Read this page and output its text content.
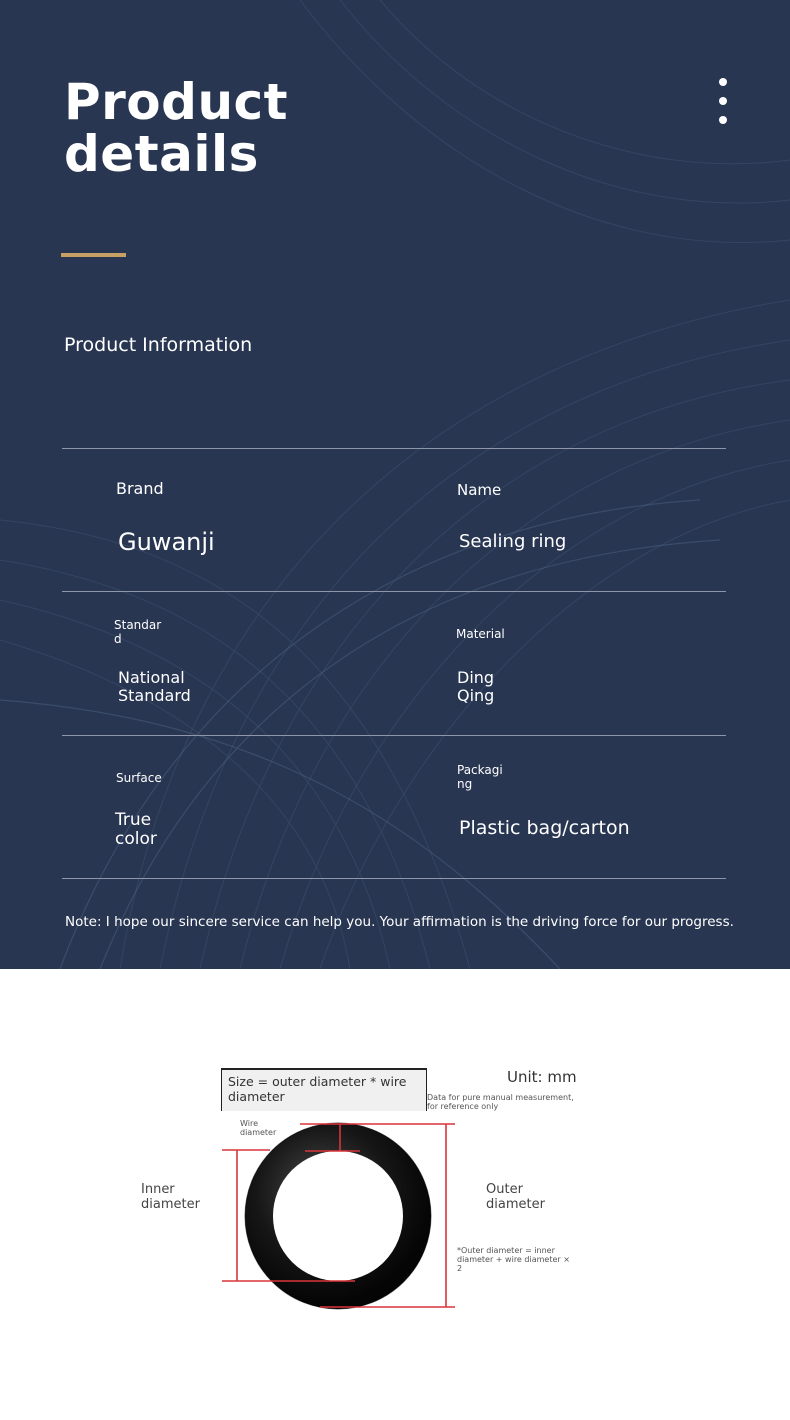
Product
details
Product Information
Brand
Guwanji
Name
Sealing ring
Standard
National Standard
Material
Ding Qing
Surface
True color
Packaging
Plastic bag/carton
Note: I hope our sincere service can help you. Your affirmation is the driving force for our progress.
Size = outer diameter * wire diameter
Unit: mm
Data for pure manual measurement, for reference only
Wire diameter
Inner diameter
Outer diameter
*Outer diameter = inner diameter + wire diameter × 2
